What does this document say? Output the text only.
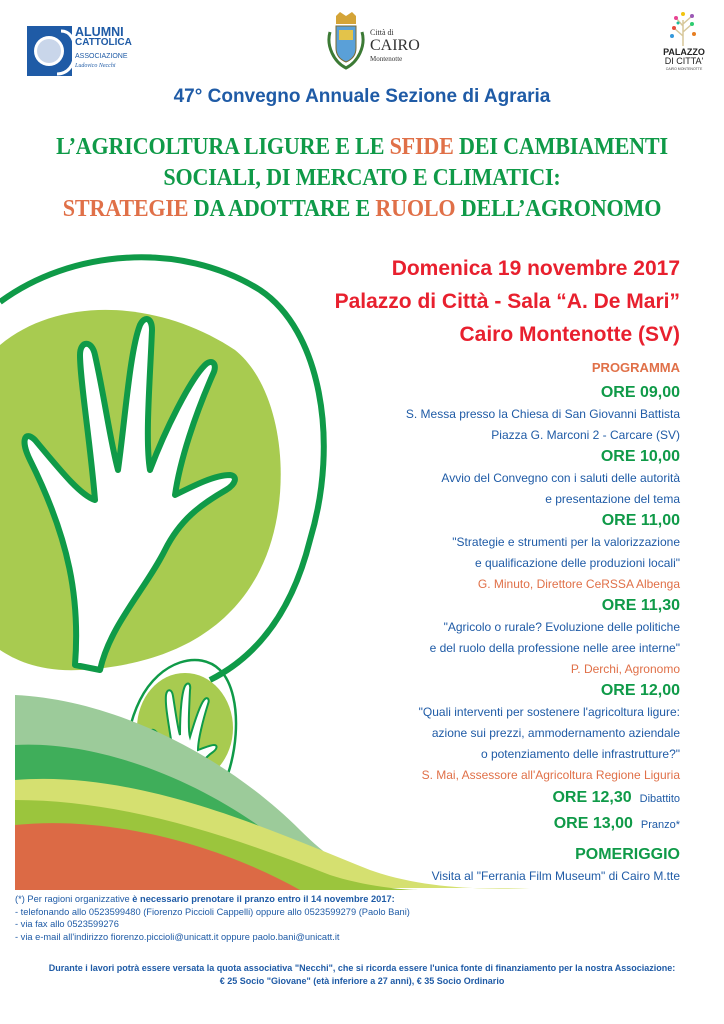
ALUMNI
CATTOLICA
ASSOCIAZIONE
Ludovico Necchi
Città di
CAIRO
Montenotte
PALAZZO
DI CITTA'
CAIRO MONTENOTTE
47° Convegno Annuale Sezione di Agraria
L’AGRICOLTURA LIGURE E LE SFIDE DEI CAMBIAMENTI
SOCIALI, DI MERCATO E CLIMATICI:
STRATEGIE DA ADOTTARE E RUOLO DELL’AGRONOMO
Domenica 19 novembre 2017
Palazzo di Città - Sala “A. De Mari”
Cairo Montenotte (SV)
PROGRAMMA
ORE 09,00
S. Messa presso la Chiesa di San Giovanni Battista
Piazza G. Marconi 2 - Carcare (SV)
ORE 10,00
Avvio del Convegno con i saluti delle autorità
e presentazione del tema
ORE 11,00
"Strategie e strumenti per la valorizzazione
e qualificazione delle produzioni locali"
G. Minuto, Direttore CeRSSA Albenga
ORE 11,30
"Agricolo o rurale? Evoluzione delle politiche
e del ruolo della professione nelle aree interne"
P. Derchi, Agronomo
ORE 12,00
"Quali interventi per sostenere l'agricoltura ligure:
azione sui prezzi, ammodernamento aziendale
o potenziamento delle infrastrutture?"
S. Mai, Assessore all'Agricoltura Regione Liguria
ORE 12,30 Dibattito
ORE 13,00 Pranzo*
POMERIGGIO
Visita al "Ferrania Film Museum" di Cairo M.tte
(*) Per ragioni organizzative è necessario prenotare il pranzo entro il 14 novembre 2017:
- telefonando allo 0523599480 (Fiorenzo Piccioli Cappelli) oppure allo 0523599279 (Paolo Bani)
- via fax allo 0523599276
- via e-mail all'indirizzo fiorenzo.piccioli@unicatt.it oppure paolo.bani@unicatt.it
Durante i lavori potrà essere versata la quota associativa "Necchi", che si ricorda essere l'unica fonte di finanziamento per la nostra Associazione:
€ 25 Socio "Giovane" (età inferiore a 27 anni), € 35 Socio Ordinario
